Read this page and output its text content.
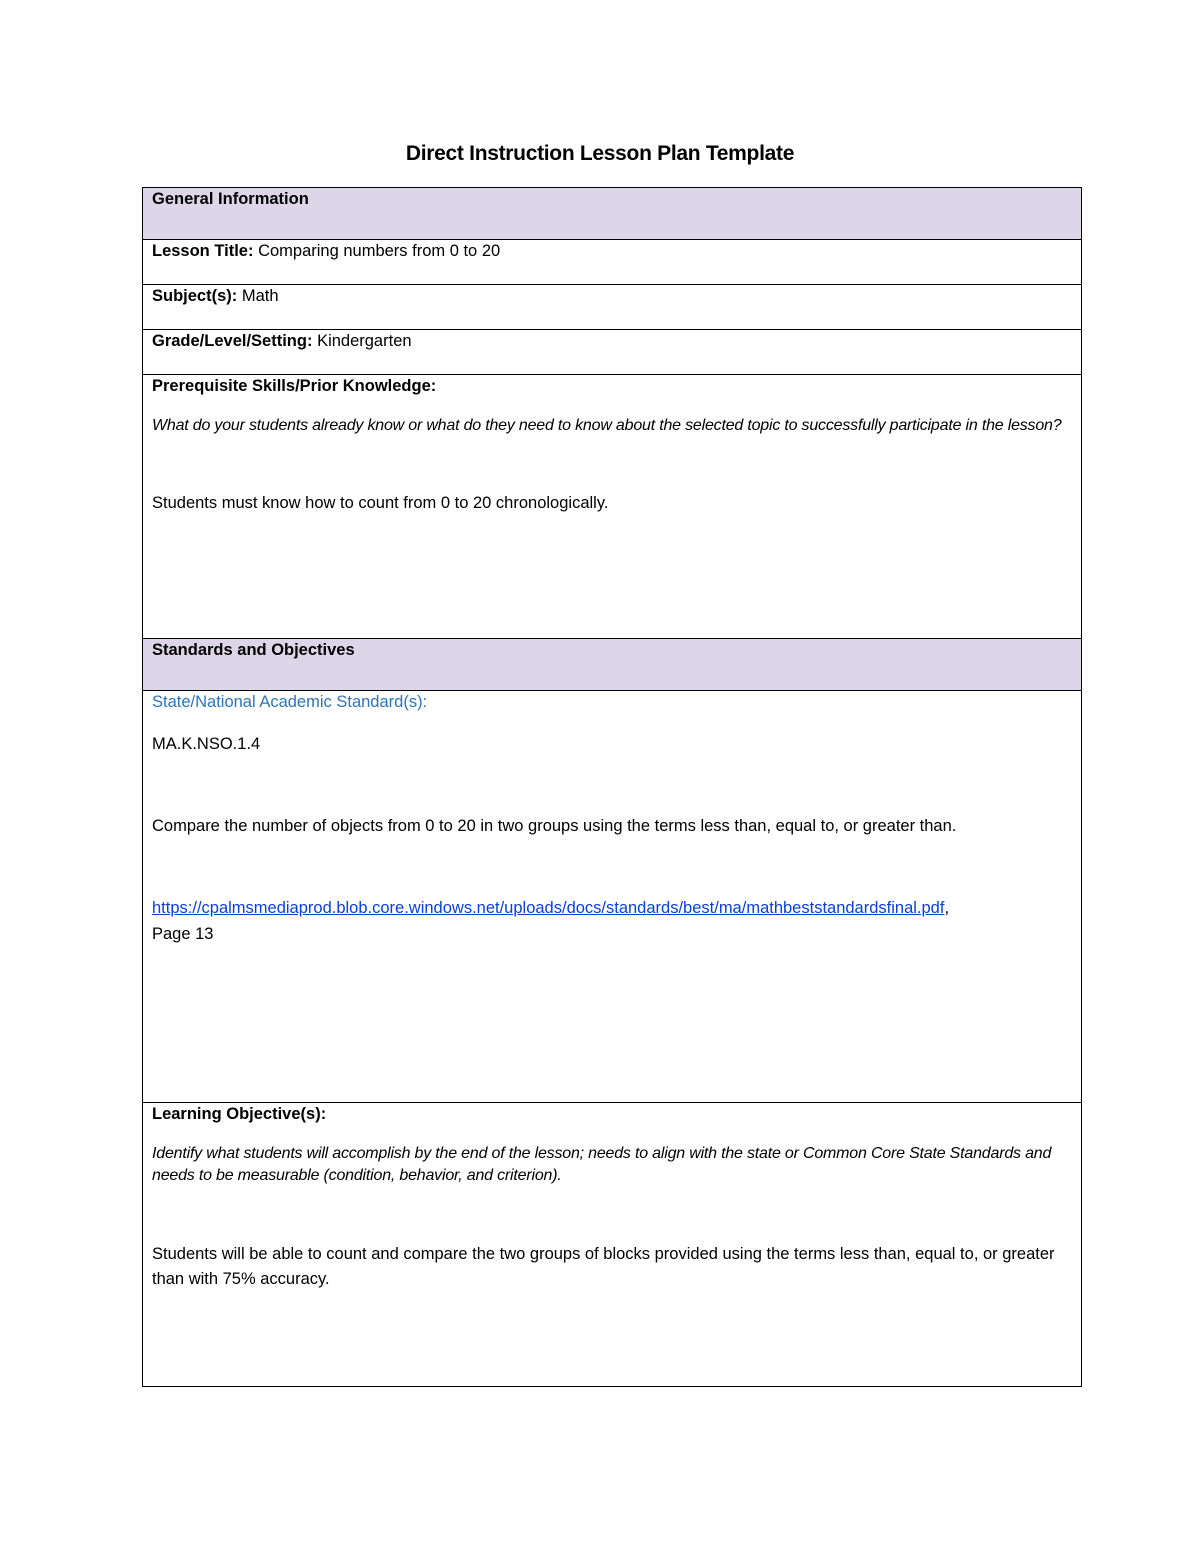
Direct Instruction Lesson Plan Template
General Information
Lesson Title: Comparing numbers from 0 to 20
Subject(s): Math
Grade/Level/Setting: Kindergarten

Prerequisite Skills/Prior Knowledge:

What do your students already know or what do they need to know about the selected topic to successfully participate in the lesson?

Students must know how to count from 0 to 20 chronologically.

Standards and Objectives

State/National Academic Standard(s):

MA.K.NSO.1.4

Compare the number of objects from 0 to 20 in two groups using the terms less than, equal to, or greater than.

https://cpalmsmediaprod.blob.core.windows.net/uploads/docs/standards/best/ma/mathbeststandardsfinal.pdf,

Page 13

Learning Objective(s):

Identify what students will accomplish by the end of the lesson; needs to align with the state or Common Core State Standards and needs to be measurable (condition, behavior, and criterion).

Students will be able to count and compare the two groups of blocks provided using the terms less than, equal to, or greater than with 75% accuracy.
